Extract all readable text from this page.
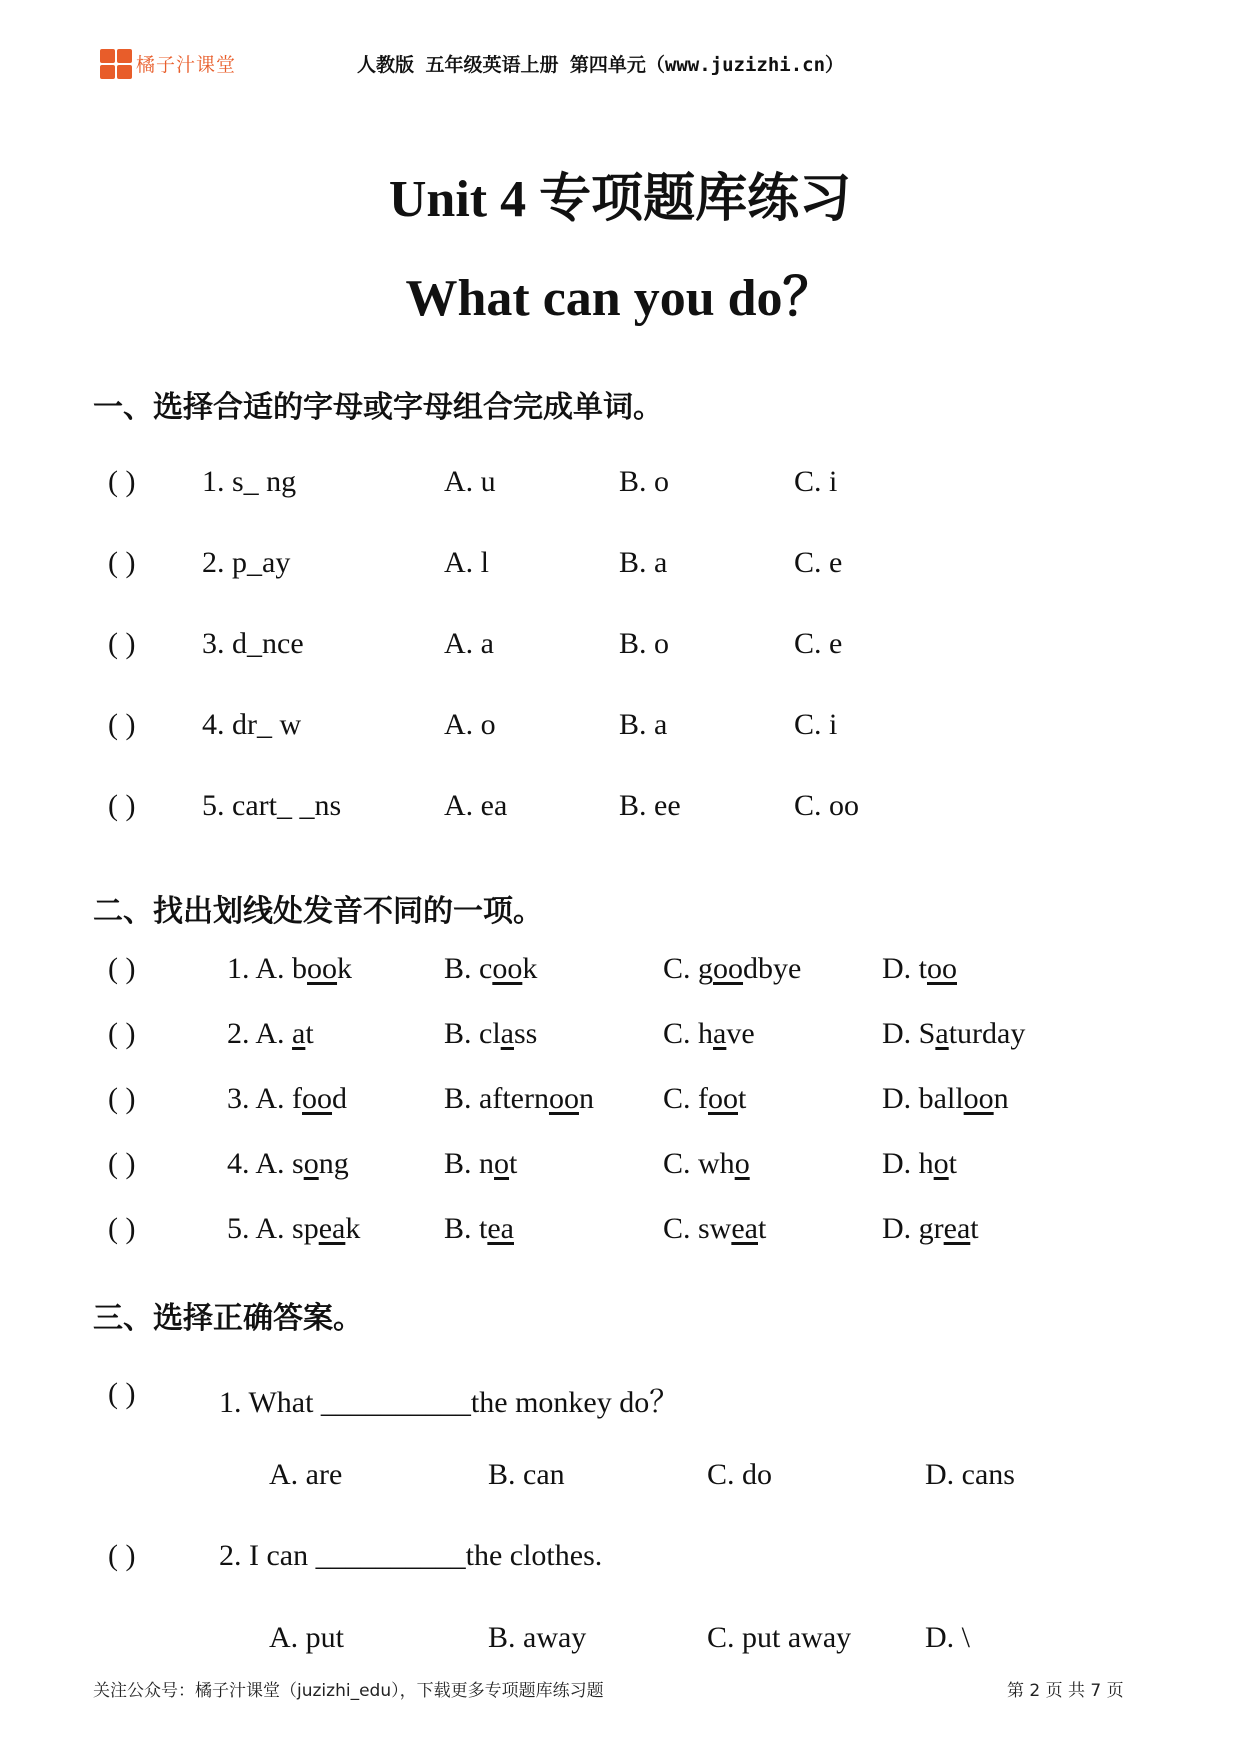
橘子汁课堂	人教版 五年级英语上册 第四单元（www.juzizhi.cn）
Unit 4 专项题库练习
What can you do？
一、选择合适的字母或字母组合完成单词。
( ) 1. s_ ng	A. u	B. o	C. i
( ) 2. p_ay	A. l	B. a	C. e
( ) 3. d_nce	A. a	B. o	C. e
( ) 4. dr_ w	A. o	B. a	C. i
( ) 5. cart_ _ns	A. ea	B. ee	C. oo
二、找出划线处发音不同的一项。
( )	1. A. book	B. cook	C. goodbye	D. too
( )	2. A. at	B. class	C. have	D. Saturday
( )	3. A. food	B. afternoon C. foot	D. balloon
( )	4. A. song	B. not	C. who	D. hot
( )	5. A. speak	B. tea	C. sweat	D. great
三、选择正确答案。
( )	1. What __________the monkey do？
A. are	B. can	C. do	D. cans
( )	2. I can __________the clothes.
A. put	B. away	C. put away D. \
关注公众号：橘子汁课堂（juzizhi_edu），下载更多专项题库练习题	第 2 页 共 7 页
